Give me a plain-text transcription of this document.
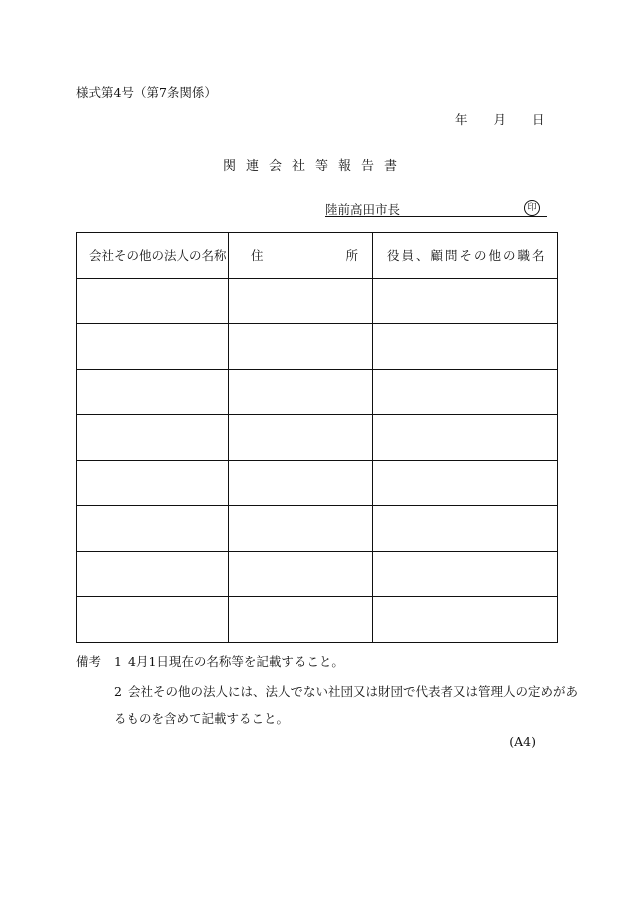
様式第4号（第7条関係）
年 月 日
関連会社等報告書
陸前高田市長	印
会社その他の法人の名称	住 所	役員、顧問その他の職名

備考 1 4月1日現在の名称等を記載すること。
2 会社その他の法人には、法人でない社団又は財団で代表者又は管理人の定めがあ
るものを含めて記載すること。
(A4)
